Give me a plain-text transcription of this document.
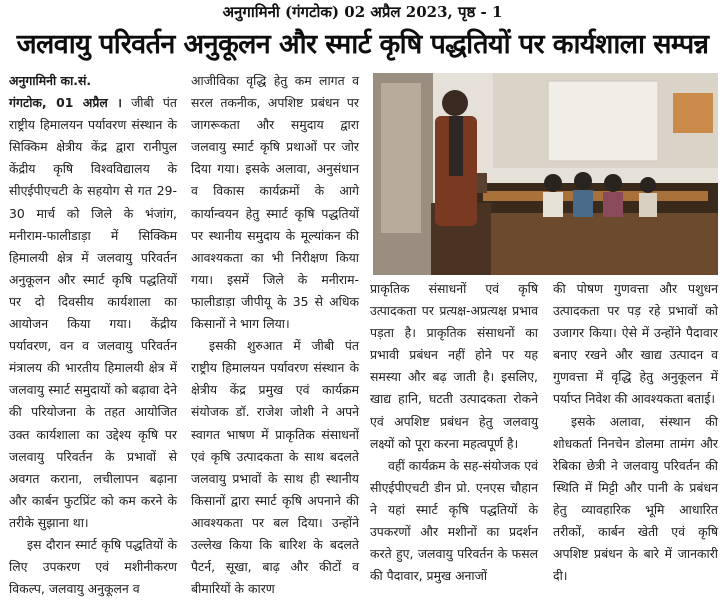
अनुगामिनी (गंगटोक) 02 अप्रैल 2023, पृष्ठ - 1
जलवायु परिवर्तन अनुकूलन और स्मार्ट कृषि पद्धतियों पर कार्यशाला सम्पन्न
अनुगामिनी का.सं.

गंगटोक, 01 अप्रैल । जीबी पंत राष्ट्रीय हिमालयन पर्यावरण संस्थान के सिक्किम क्षेत्रीय केंद्र द्वारा रानीपुल केंद्रीय कृषि विश्वविद्यालय के सीएईपीएचटी के सहयोग से गत 29-30 मार्च को जिले के भंजांग, मनीराम-फालीडाड़ा में सिक्किम हिमालयी क्षेत्र में जलवायु परिवर्तन अनुकूलन और स्मार्ट कृषि पद्धतियों पर दो दिवसीय कार्यशाला का आयोजन किया गया। केंद्रीय पर्यावरण, वन व जलवायु परिवर्तन मंत्रालय की भारतीय हिमालयी क्षेत्र में जलवायु स्मार्ट समुदायों को बढ़ावा देने की परियोजना के तहत आयोजित उक्त कार्यशाला का उद्देश्य कृषि पर जलवायु परिवर्तन के प्रभावों से अवगत कराना, लचीलापन बढ़ाना और कार्बन फुटप्रिंट को कम करने के तरीके सुझाना था।

इस दौरान स्मार्ट कृषि पद्धतियों के लिए उपकरण एवं मशीनीकरण विकल्प, जलवायु अनुकूलन व

आजीविका वृद्धि हेतु कम लागत व सरल तकनीक, अपशिष्ट प्रबंधन पर जागरूकता और समुदाय द्वारा जलवायु स्मार्ट कृषि प्रथाओं पर जोर दिया गया। इसके अलावा, अनुसंधान व विकास कार्यक्रमों के आगे कार्यान्वयन हेतु स्मार्ट कृषि पद्धतियों पर स्थानीय समुदाय के मूल्यांकन की आवश्यकता का भी निरीक्षण किया गया। इसमें जिले के मनीराम-फालीडाड़ा जीपीयू के 35 से अधिक किसानों ने भाग लिया।

इसकी शुरुआत में जीबी पंत राष्ट्रीय हिमालयन पर्यावरण संस्थान के क्षेत्रीय केंद्र प्रमुख एवं कार्यक्रम संयोजक डॉ. राजेश जोशी ने अपने स्वागत भाषण में प्राकृतिक संसाधनों एवं कृषि उत्पादकता के साथ बदलते जलवायु प्रभावों के साथ ही स्थानीय किसानों द्वारा स्मार्ट कृषि अपनाने की आवश्यकता पर बल दिया। उन्होंने उल्लेख किया कि बारिश के बदलते पैटर्न, सूखा, बाढ़ और कीटों व बीमारियों के कारण

प्राकृतिक संसाधनों एवं कृषि उत्पादकता पर प्रत्यक्ष-अप्रत्यक्ष प्रभाव पड़ता है। प्राकृतिक संसाधनों का प्रभावी प्रबंधन नहीं होने पर यह समस्या और बढ़ जाती है। इसलिए, खाद्य हानि, घटती उत्पादकता रोकने एवं अपशिष्ट प्रबंधन हेतु जलवायु लक्ष्यों को पूरा करना महत्वपूर्ण है।

वहीं कार्यक्रम के सह-संयोजक एवं सीएईपीएचटी डीन प्रो. एनएस चौहान ने यहां स्मार्ट कृषि पद्धतियों के उपकरणों और मशीनों का प्रदर्शन करते हुए, जलवायु परिवर्तन के फसल की पैदावार, प्रमुख अनाजों

की पोषण गुणवत्ता और पशुधन उत्पादकता पर पड़ रहे प्रभावों को उजागर किया। ऐसे में उन्होंने पैदावार बनाए रखने और खाद्य उत्पादन व गुणवत्ता में वृद्धि हेतु अनुकूलन में पर्याप्त निवेश की आवश्यकता बताई।

इसके अलावा, संस्थान की शोधकर्ता निनचेन डोलमा तामंग और रेबिका छेत्री ने जलवायु परिवर्तन की स्थिति में मिट्टी और पानी के प्रबंधन हेतु व्यावहारिक भूमि आधारित तरीकों, कार्बन खेती एवं कृषि अपशिष्ट प्रबंधन के बारे में जानकारी दी।
